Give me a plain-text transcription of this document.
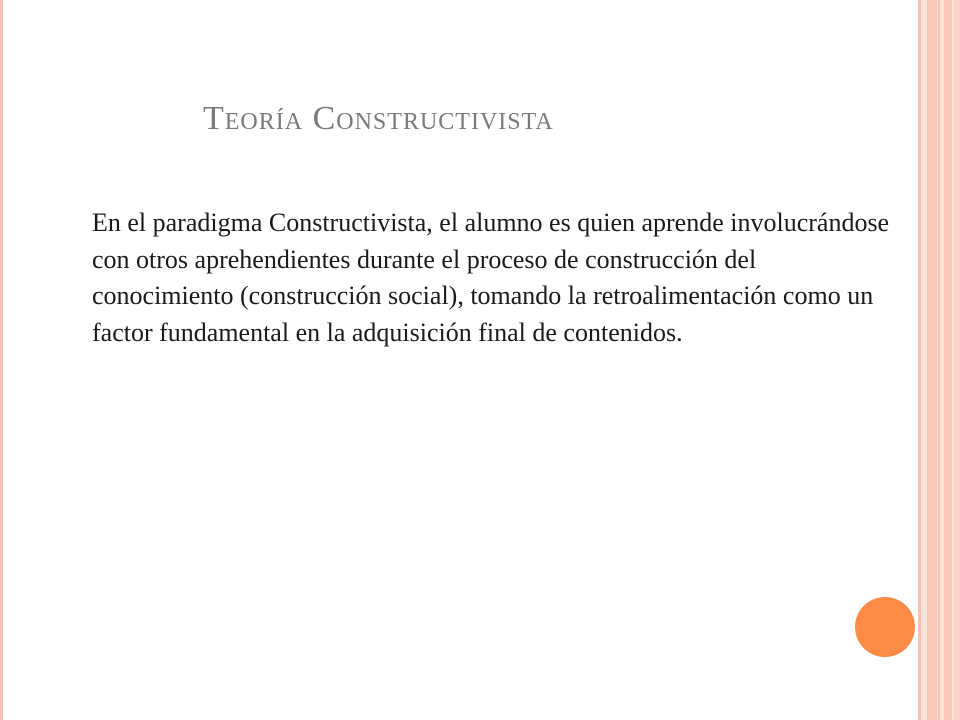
Teoría Constructivista

En el paradigma Constructivista, el alumno es quien aprende involucrándose con otros aprehendientes durante el proceso de construcción del conocimiento (construcción social), tomando la retroalimentación como un factor fundamental en la adquisición final de contenidos.
